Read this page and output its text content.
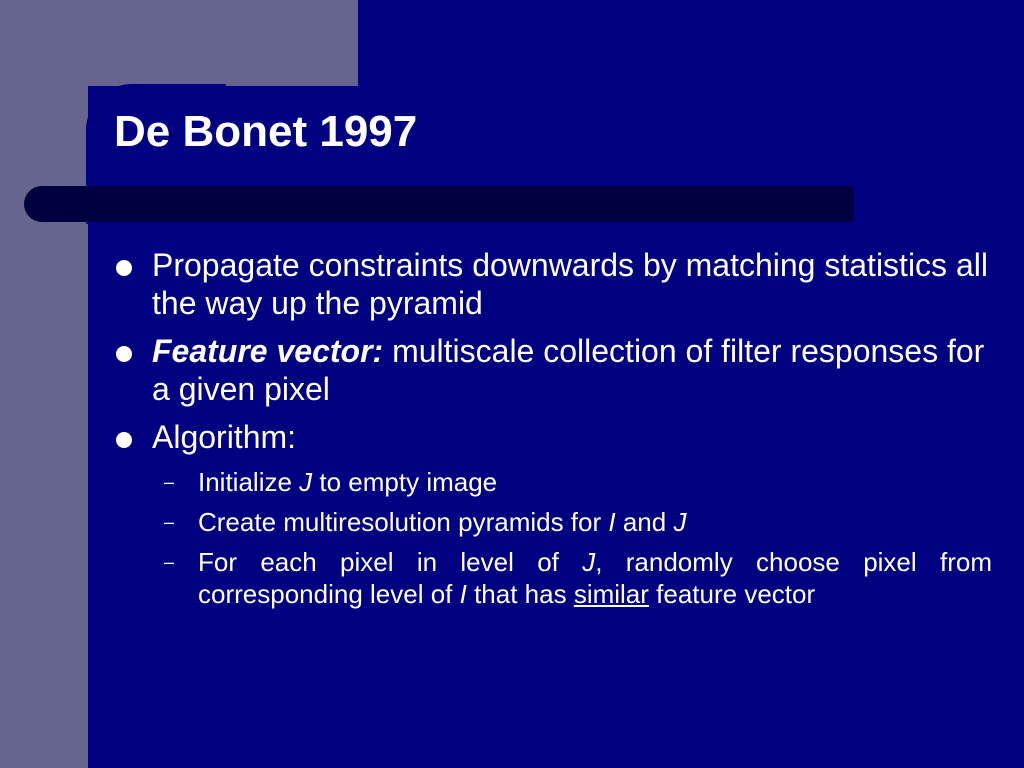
De Bonet 1997
Propagate constraints downwards by matching statistics all the way up the pyramid
Feature vector: multiscale collection of filter responses for a given pixel
Algorithm:
– Initialize J to empty image
– Create multiresolution pyramids for I and J
– For each pixel in level of J, randomly choose pixel from corresponding level of I that has similar feature vector
